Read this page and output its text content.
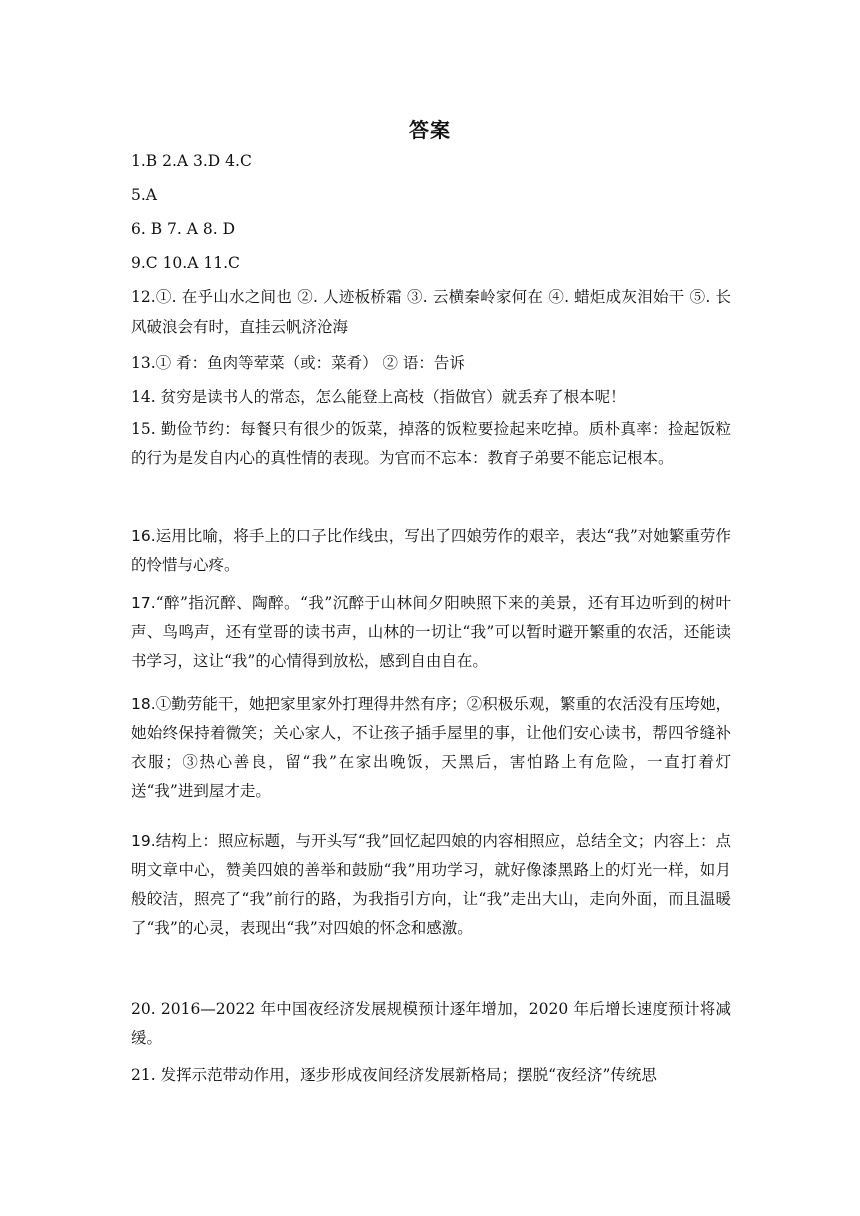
答案
1.B 2.A 3.D 4.C
5.A
6. B 7. A 8. D
9.C 10.A 11.C
12.①. 在乎山水之间也 ②. 人迹板桥霜 ③. 云横秦岭家何在 ④. 蜡炬成灰泪始干 ⑤. 长风破浪会有时，直挂云帆济沧海
13.① 肴：鱼肉等荤菜（或：菜肴） ② 语：告诉
14. 贫穷是读书人的常态，怎么能登上高枝（指做官）就丢弃了根本呢！
15. 勤俭节约：每餐只有很少的饭菜，掉落的饭粒要捡起来吃掉。质朴真率：捡起饭粒的行为是发自内心的真性情的表现。为官而不忘本：教育子弟要不能忘记根本。
16.运用比喻，将手上的口子比作线虫，写出了四娘劳作的艰辛，表达“我”对她繁重劳作的怜惜与心疼。
17.“醉”指沉醉、陶醉。“我”沉醉于山林间夕阳映照下来的美景，还有耳边听到的树叶声、鸟鸣声，还有堂哥的读书声，山林的一切让“我”可以暂时避开繁重的农活，还能读书学习，这让“我”的心情得到放松，感到自由自在。
18.①勤劳能干，她把家里家外打理得井然有序；②积极乐观，繁重的农活没有压垮她，她始终保持着微笑；关心家人，不让孩子插手屋里的事，让他们安心读书，帮四爷缝补衣服；③热心善良，留“我”在家出晚饭，天黑后，害怕路上有危险，一直打着灯送“我”进到屋才走。
19.结构上：照应标题，与开头写“我”回忆起四娘的内容相照应，总结全文；内容上：点明文章中心，赞美四娘的善举和鼓励“我”用功学习，就好像漆黑路上的灯光一样，如月般皎洁，照亮了“我”前行的路，为我指引方向，让“我”走出大山，走向外面，而且温暖了“我”的心灵，表现出“我”对四娘的怀念和感激。
20. 2016—2022 年中国夜经济发展规模预计逐年增加，2020 年后增长速度预计将减缓。
21. 发挥示范带动作用，逐步形成夜间经济发展新格局；摆脱“夜经济”传统思
